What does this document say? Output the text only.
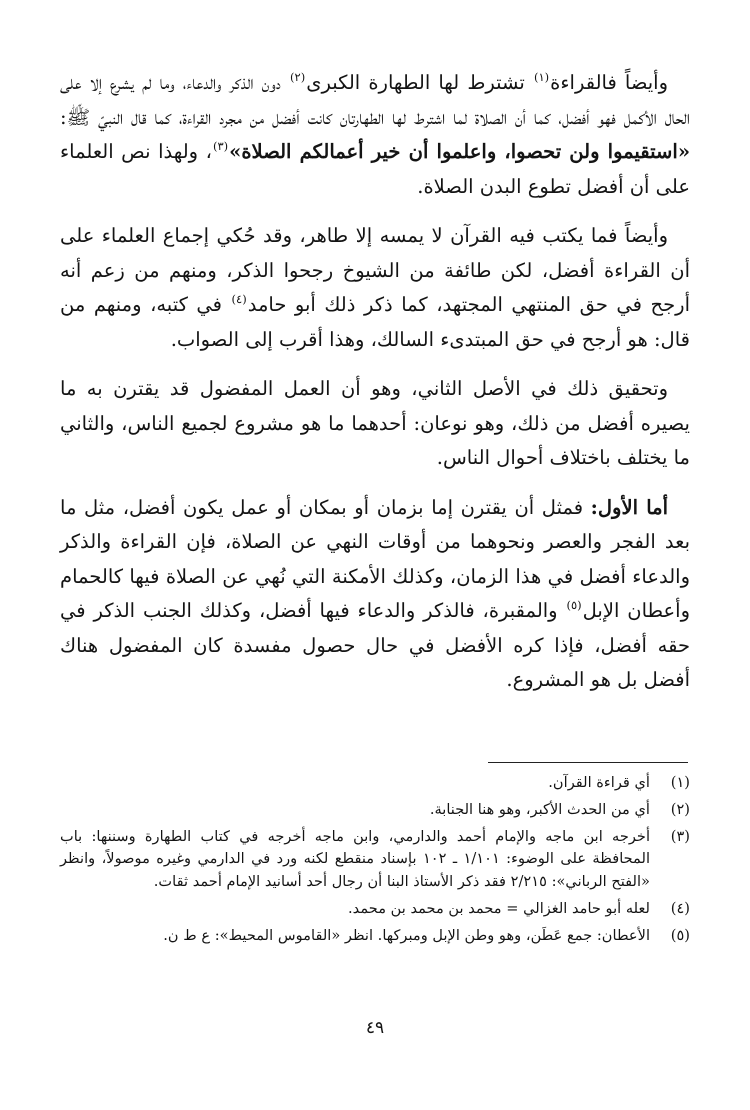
وأيضاً فالقراءة$^{(١)}$ تشترط لها الطهارة الكبرى$^{(٢)}$ دون الذكر والدعاء، وما لم يشرع إلا على الحال الأكمل فهو أفضل، كما أن الصلاة لما اشترط لها الطهارتان كانت أفضل من مجرد القراءة، كما قال النبيّ ﷺ: «استقيموا ولن تحصوا، واعلموا أن خير أعمالكم الصلاة»$^{(٣)}$، ولهذا نص العلماء على أن أفضل تطوع البدن الصلاة.

وأيضاً فما يكتب فيه القرآن لا يمسه إلا طاهر، وقد حُكي إجماع العلماء على أن القراءة أفضل، لكن طائفة من الشيوخ رجحوا الذكر، ومنهم من زعم أنه أرجح في حق المنتهي المجتهد، كما ذكر ذلك أبو حامد$^{(٤)}$ في كتبه، ومنهم من قال: هو أرجح في حق المبتدىء السالك، وهذا أقرب إلى الصواب.

وتحقيق ذلك في الأصل الثاني، وهو أن العمل المفضول قد يقترن به ما يصيره أفضل من ذلك، وهو نوعان: أحدهما ما هو مشروع لجميع الناس، والثاني ما يختلف باختلاف أحوال الناس.

أما الأول: فمثل أن يقترن إما بزمان أو بمكان أو عمل يكون أفضل، مثل ما بعد الفجر والعصر ونحوهما من أوقات النهي عن الصلاة، فإن القراءة والذكر والدعاء أفضل في هذا الزمان، وكذلك الأمكنة التي نُهي عن الصلاة فيها كالحمام وأعطان الإبل$^{(٥)}$ والمقبرة، فالذكر والدعاء فيها أفضل، وكذلك الجنب الذكر في حقه أفضل، فإذا كره الأفضل في حال حصول مفسدة كان المفضول هناك أفضل بل هو المشروع.

(١)
أي قراءة القرآن.
(٢)
أي من الحدث الأكبر، وهو هنا الجنابة.
(٣)
أخرجه ابن ماجه والإمام أحمد والدارمي، وابن ماجه أخرجه في كتاب الطهارة وسننها: باب المحافظة على الوضوء: ١/١٠١ ـ ١٠٢ بإسناد منقطع لكنه ورد في الدارمي وغيره موصولاً، وانظر «الفتح الرباني»: ٢/٢١٥ فقد ذكر الأستاذ البنا أن رجال أحد أسانيد الإمام أحمد ثقات.
(٤)
لعله أبو حامد الغزالي = محمد بن محمد بن محمد.
(٥)
الأعطان: جمع عَطَن، وهو وطن الإبل ومبركها. انظر «القاموس المحيط»: ع ط ن.
٤٩
